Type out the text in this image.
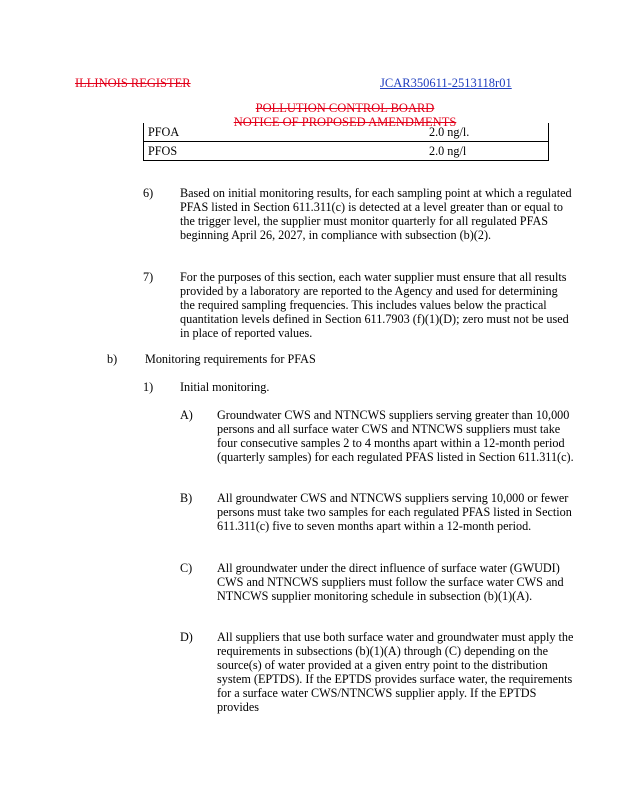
ILLINOIS REGISTER	JCAR350611-2513118r01
POLLUTION CONTROL BOARD
NOTICE OF PROPOSED AMENDMENTS
PFOA	2.0 ng/l.
PFOS	2.0 ng/l
6) Based on initial monitoring results, for each sampling point at which a regulated PFAS listed in Section 611.311(c) is detected at a level greater than or equal to the trigger level, the supplier must monitor quarterly for all regulated PFAS beginning April 26, 2027, in compliance with subsection (b)(2).
7) For the purposes of this section, each water supplier must ensure that all results provided by a laboratory are reported to the Agency and used for determining the required sampling frequencies. This includes values below the practical quantitation levels defined in Section 611.7903 (f)(1)(D); zero must not be used in place of reported values.
b) Monitoring requirements for PFAS
1) Initial monitoring.
A) Groundwater CWS and NTNCWS suppliers serving greater than 10,000 persons and all surface water CWS and NTNCWS suppliers must take four consecutive samples 2 to 4 months apart within a 12-month period (quarterly samples) for each regulated PFAS listed in Section 611.311(c).
B) All groundwater CWS and NTNCWS suppliers serving 10,000 or fewer persons must take two samples for each regulated PFAS listed in Section 611.311(c) five to seven months apart within a 12-month period.
C) All groundwater under the direct influence of surface water (GWUDI) CWS and NTNCWS suppliers must follow the surface water CWS and NTNCWS supplier monitoring schedule in subsection (b)(1)(A).
D) All suppliers that use both surface water and groundwater must apply the requirements in subsections (b)(1)(A) through (C) depending on the source(s) of water provided at a given entry point to the distribution system (EPTDS). If the EPTDS provides surface water, the requirements for a surface water CWS/NTNCWS supplier apply. If the EPTDS provides
